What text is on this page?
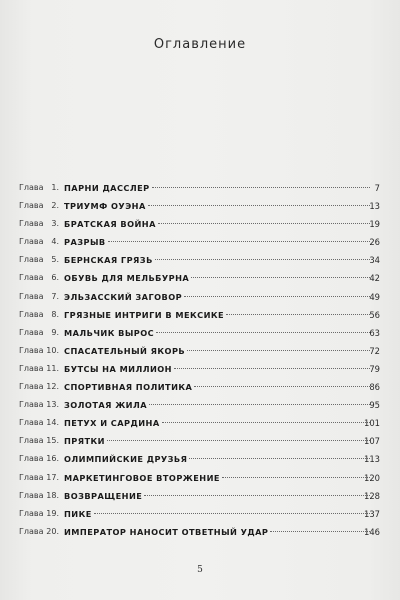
Оглавление
Глава 1. ПАРНИ ДАССЛЕР	7
Глава 2. ТРИУМФ ОУЭНА	13
Глава 3. БРАТСКАЯ ВОЙНА	19
Глава 4. РАЗРЫВ	26
Глава 5. БЕРНСКАЯ ГРЯЗЬ	34
Глава 6. ОБУВЬ ДЛЯ МЕЛЬБУРНА	42
Глава 7. ЭЛЬЗАССКИЙ ЗАГОВОР	49
Глава 8. ГРЯЗНЫЕ ИНТРИГИ В МЕКСИКЕ	56
Глава 9. МАЛЬЧИК ВЫРОС	63
Глава 10. СПАСАТЕЛЬНЫЙ ЯКОРЬ	72
Глава 11. БУТСЫ НА МИЛЛИОН	79
Глава 12. СПОРТИВНАЯ ПОЛИТИКА	86
Глава 13. ЗОЛОТАЯ ЖИЛА	95
Глава 14. ПЕТУХ И САРДИНА	101
Глава 15. ПРЯТКИ	107
Глава 16. ОЛИМПИЙСКИЕ ДРУЗЬЯ	113
Глава 17. МАРКЕТИНГОВОЕ ВТОРЖЕНИЕ	120
Глава 18. ВОЗВРАЩЕНИЕ	128
Глава 19. ПИКЕ	137
Глава 20. ИМПЕРАТОР НАНОСИТ ОТВЕТНЫЙ УДАР	146
5
